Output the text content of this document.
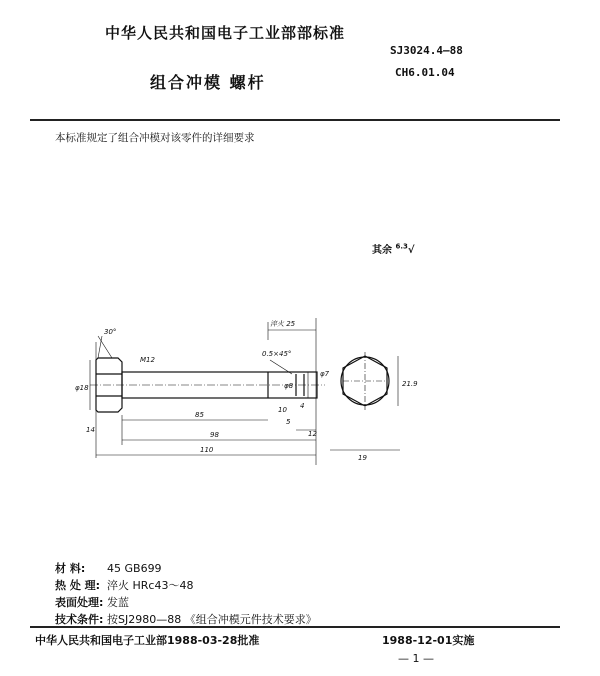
中华人民共和国电子工业部部标准
SJ3024.4—88
组合冲模 螺杆
CH6.01.04
本标准规定了组合冲模对该零件的详细要求
其余 $^{6.3}$√
30°
淬火 25
M12
0.5×45°
φ18	φ8
φ7
21.9
19
85
98
110
12
5
4
10
14
材 料: 45 GB699
热 处 理: 淬火 HRc43～48
表面处理: 发蓝
技术条件: 按SJ2980—88 《组合冲模元件技术要求》
中华人民共和国电子工业部1988-03-28批准	1988-12-01实施
— 1 —
